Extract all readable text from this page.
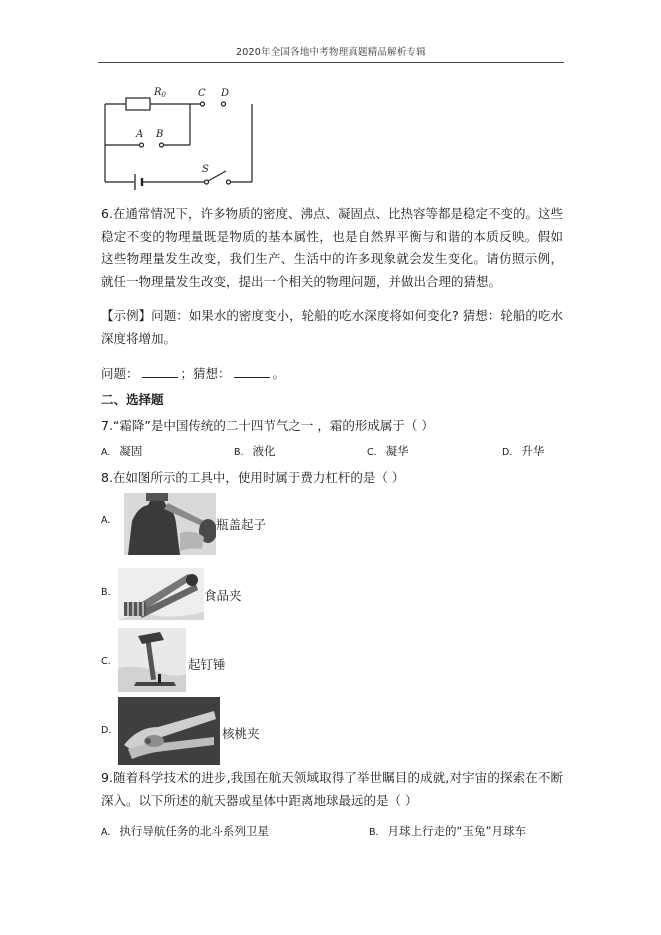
2020年全国各地中考物理真题精品解析专辑
$R_0$	C D
A B
S
6.在通常情况下，许多物质的密度、沸点、凝固点、比热容等都是稳定不变的。这些稳定不变的物理量既是物质的基本属性，也是自然界平衡与和谐的本质反映。假如这些物理量发生改变，我们生产、生活中的许多现象就会发生变化。请仿照示例，就任一物理量发生改变，提出一个相关的物理问题，并做出合理的猜想。
【示例】问题：如果水的密度变小，轮船的吃水深度将如何变化? 猜想：轮船的吃水深度将增加。
问题：	；猜想：	。
二、选择题
7.“霜降”是中国传统的二十四节气之一 ，霜的形成属于（ ）
A. 凝固	B. 液化	C. 凝华	D. 升华
8.在如图所示的工具中，使用时属于费力杠杆的是（ ）
A.	瓶盖起子
B.	食品夹
C.	起钉锤
D.	核桃夹
9.随着科学技术的进步,我国在航天领域取得了举世瞩目的成就,对宇宙的探索在不断深入。以下所述的航天器或星体中距离地球最远的是（ ）
A. 执行导航任务的北斗系列卫星	B. 月球上行走的“玉兔”月球车
